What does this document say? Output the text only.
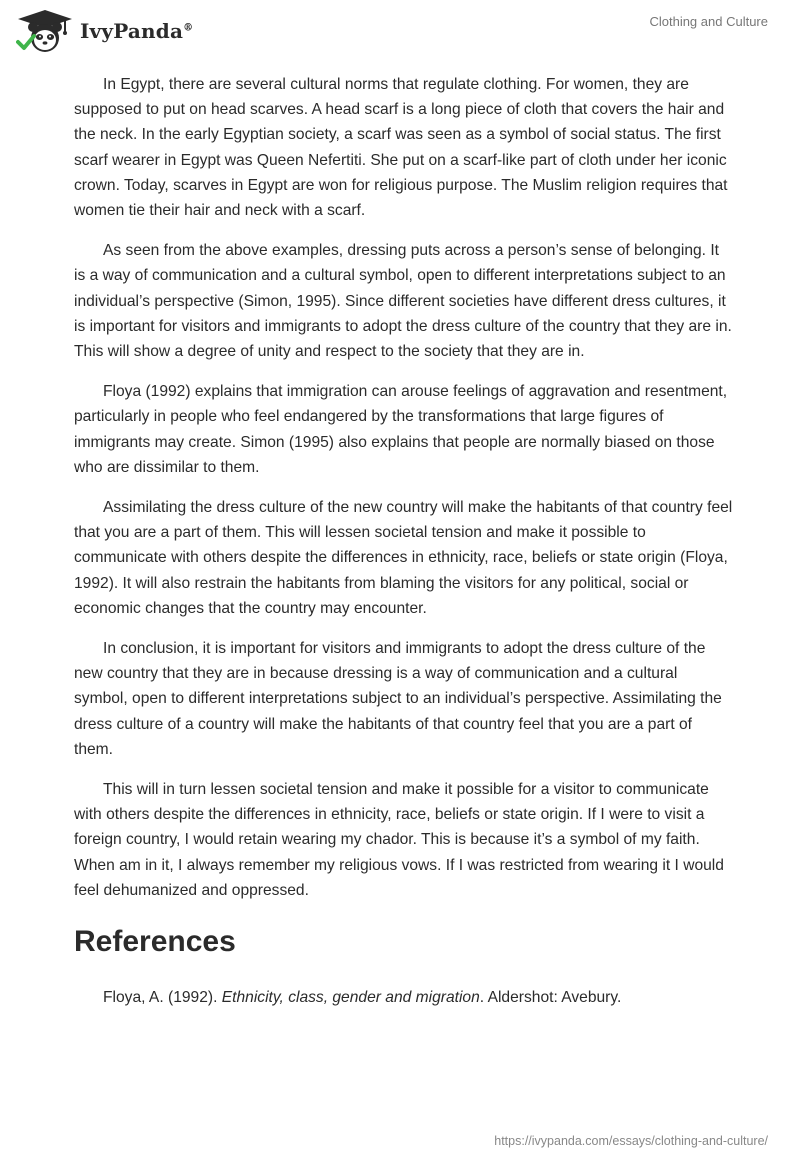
IvyPanda®	Clothing and Culture

In Egypt, there are several cultural norms that regulate clothing. For women, they are supposed to put on head scarves. A head scarf is a long piece of cloth that covers the hair and the neck. In the early Egyptian society, a scarf was seen as a symbol of social status. The first scarf wearer in Egypt was Queen Nefertiti. She put on a scarf-like part of cloth under her iconic crown. Today, scarves in Egypt are won for religious purpose. The Muslim religion requires that women tie their hair and neck with a scarf.

As seen from the above examples, dressing puts across a person’s sense of belonging. It is a way of communication and a cultural symbol, open to different interpretations subject to an individual’s perspective (Simon, 1995). Since different societies have different dress cultures, it is important for visitors and immigrants to adopt the dress culture of the country that they are in. This will show a degree of unity and respect to the society that they are in.

Floya (1992) explains that immigration can arouse feelings of aggravation and resentment, particularly in people who feel endangered by the transformations that large figures of immigrants may create. Simon (1995) also explains that people are normally biased on those who are dissimilar to them.

Assimilating the dress culture of the new country will make the habitants of that country feel that you are a part of them. This will lessen societal tension and make it possible to communicate with others despite the differences in ethnicity, race, beliefs or state origin (Floya, 1992). It will also restrain the habitants from blaming the visitors for any political, social or economic changes that the country may encounter.

In conclusion, it is important for visitors and immigrants to adopt the dress culture of the new country that they are in because dressing is a way of communication and a cultural symbol, open to different interpretations subject to an individual’s perspective. Assimilating the dress culture of a country will make the habitants of that country feel that you are a part of them.

This will in turn lessen societal tension and make it possible for a visitor to communicate with others despite the differences in ethnicity, race, beliefs or state origin. If I were to visit a foreign country, I would retain wearing my chador. This is because it’s a symbol of my faith. When am in it, I always remember my religious vows. If I was restricted from wearing it I would feel dehumanized and oppressed.

References

Floya, A. (1992). Ethnicity, class, gender and migration. Aldershot: Avebury.

https://ivypanda.com/essays/clothing-and-culture/
